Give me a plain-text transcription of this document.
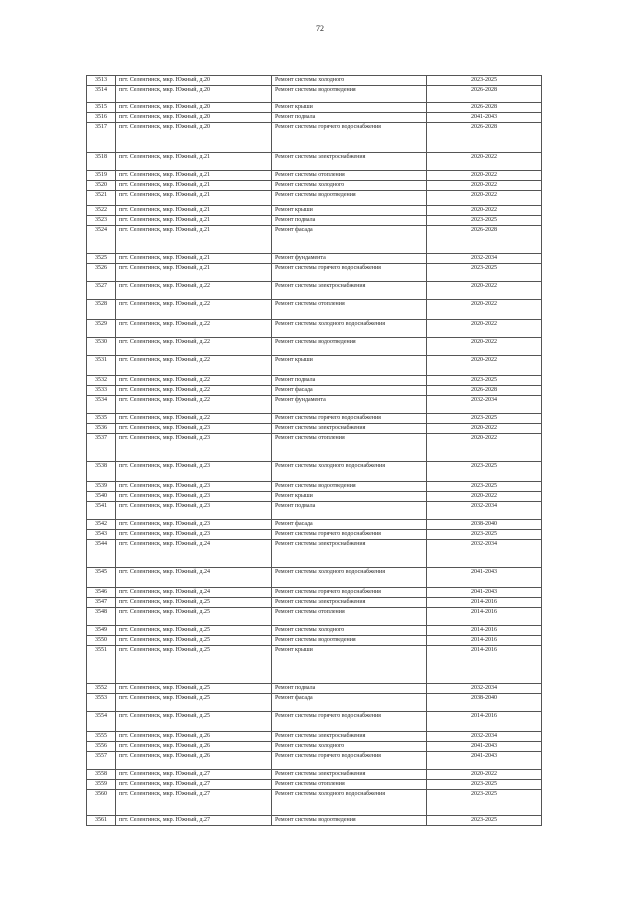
72
3513	пгт. Селенгинск, мкр. Южный, д.20	Ремонт системы холодного	2023-2025
3514	пгт. Селенгинск, мкр. Южный, д.20	Ремонт системы водоотведения	2026-2028
3515	пгт. Селенгинск, мкр. Южный, д.20	Ремонт крыши	2026-2028
3516	пгт. Селенгинск, мкр. Южный, д.20	Ремонт подвала	2041-2043
3517	пгт. Селенгинск, мкр. Южный, д.20	Ремонт системы горячего водоснабжения	2026-2028
3518	пгт. Селенгинск, мкр. Южный, д.21	Ремонт системы электроснабжения	2020-2022
3519	пгт. Селенгинск, мкр. Южный, д.21	Ремонт системы отопления	2020-2022
3520	пгт. Селенгинск, мкр. Южный, д.21	Ремонт системы холодного	2020-2022
3521	пгт. Селенгинск, мкр. Южный, д.21	Ремонт системы водоотведения	2020-2022
3522	пгт. Селенгинск, мкр. Южный, д.21	Ремонт крыши	2020-2022
3523	пгт. Селенгинск, мкр. Южный, д.21	Ремонт подвала	2023-2025
3524	пгт. Селенгинск, мкр. Южный, д.21	Ремонт фасада	2026-2028
3525	пгт. Селенгинск, мкр. Южный, д.21	Ремонт фундамента	2032-2034
3526	пгт. Селенгинск, мкр. Южный, д.21	Ремонт системы горячего водоснабжения	2023-2025
3527	пгт. Селенгинск, мкр. Южный, д.22	Ремонт системы электроснабжения	2020-2022
3528	пгт. Селенгинск, мкр. Южный, д.22	Ремонт системы отопления	2020-2022
3529	пгт. Селенгинск, мкр. Южный, д.22	Ремонт системы холодного водоснабжения	2020-2022
3530	пгт. Селенгинск, мкр. Южный, д.22	Ремонт системы водоотведения	2020-2022
3531	пгт. Селенгинск, мкр. Южный, д.22	Ремонт крыши	2020-2022
3532	пгт. Селенгинск, мкр. Южный, д.22	Ремонт подвала	2023-2025
3533	пгт. Селенгинск, мкр. Южный, д.22	Ремонт фасада	2026-2028
3534	пгт. Селенгинск, мкр. Южный, д.22	Ремонт фундамента	2032-2034
3535	пгт. Селенгинск, мкр. Южный, д.22	Ремонт системы горячего водоснабжения	2023-2025
3536	пгт. Селенгинск, мкр. Южный, д.23	Ремонт системы электроснабжения	2020-2022
3537	пгт. Селенгинск, мкр. Южный, д.23	Ремонт системы отопления	2020-2022
3538	пгт. Селенгинск, мкр. Южный, д.23	Ремонт системы холодного водоснабжения	2023-2025
3539	пгт. Селенгинск, мкр. Южный, д.23	Ремонт системы водоотведения	2023-2025
3540	пгт. Селенгинск, мкр. Южный, д.23	Ремонт крыши	2020-2022
3541	пгт. Селенгинск, мкр. Южный, д.23	Ремонт подвала	2032-2034
3542	пгт. Селенгинск, мкр. Южный, д.23	Ремонт фасада	2038-2040
3543	пгт. Селенгинск, мкр. Южный, д.23	Ремонт системы горячего водоснабжения	2023-2025
3544	пгт. Селенгинск, мкр. Южный, д.24	Ремонт системы электроснабжения	2032-2034
3545	пгт. Селенгинск, мкр. Южный, д.24	Ремонт системы холодного водоснабжения	2041-2043
3546	пгт. Селенгинск, мкр. Южный, д.24	Ремонт системы горячего водоснабжения	2041-2043
3547	пгт. Селенгинск, мкр. Южный, д.25	Ремонт системы электроснабжения	2014-2016
3548	пгт. Селенгинск, мкр. Южный, д.25	Ремонт системы отопления	2014-2016
3549	пгт. Селенгинск, мкр. Южный, д.25	Ремонт системы холодного	2014-2016
3550	пгт. Селенгинск, мкр. Южный, д.25	Ремонт системы водоотведения	2014-2016
3551	пгт. Селенгинск, мкр. Южный, д.25	Ремонт крыши	2014-2016
3552	пгт. Селенгинск, мкр. Южный, д.25	Ремонт подвала	2032-2034
3553	пгт. Селенгинск, мкр. Южный, д.25	Ремонт фасада	2038-2040
3554	пгт. Селенгинск, мкр. Южный, д.25	Ремонт системы горячего водоснабжения	2014-2016
3555	пгт. Селенгинск, мкр. Южный, д.26	Ремонт системы электроснабжения	2032-2034
3556	пгт. Селенгинск, мкр. Южный, д.26	Ремонт системы холодного	2041-2043
3557	пгт. Селенгинск, мкр. Южный, д.26	Ремонт системы горячего водоснабжения	2041-2043
3558	пгт. Селенгинск, мкр. Южный, д.27	Ремонт системы электроснабжения	2020-2022
3559	пгт. Селенгинск, мкр. Южный, д.27	Ремонт системы отопления	2023-2025
3560	пгт. Селенгинск, мкр. Южный, д.27	Ремонт системы холодного водоснабжения	2023-2025
3561	пгт. Селенгинск, мкр. Южный, д.27	Ремонт системы водоотведения	2023-2025
